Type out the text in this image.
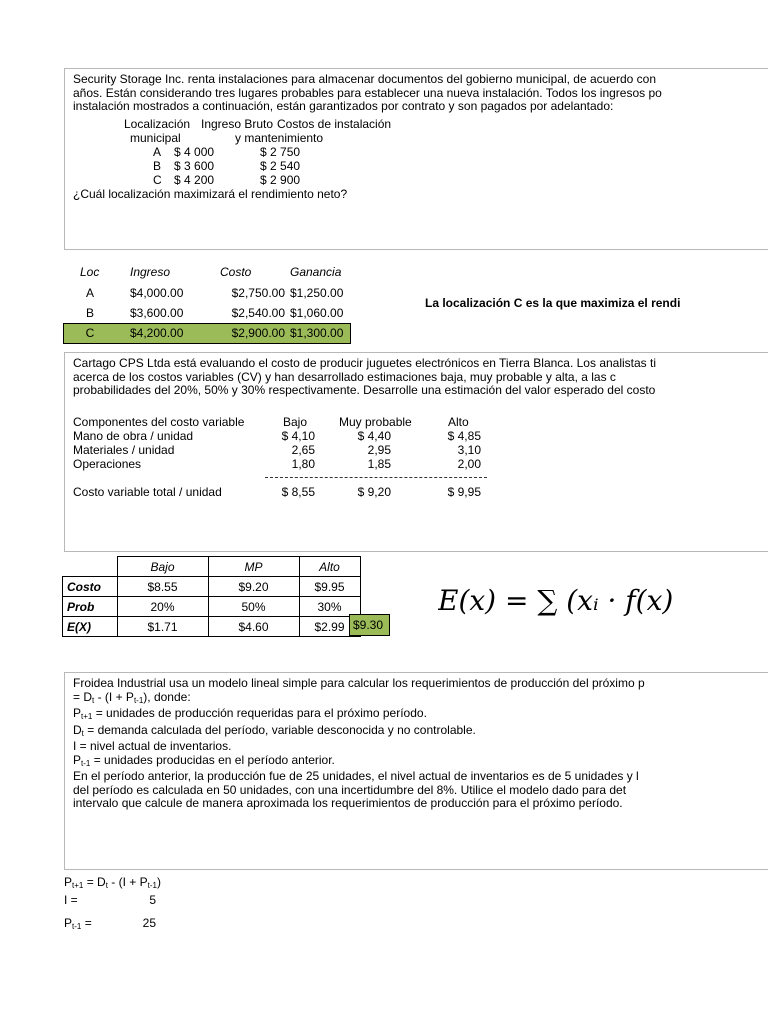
Security Storage Inc. renta instalaciones para almacenar documentos del gobierno municipal, de acuerdo con
años. Están considerando tres lugares probables para establecer una nueva instalación. Todos los ingresos po
instalación mostrados a continuación, están garantizados por contrato y son pagados por adelantado:
Localización Ingreso Bruto Costos de instalación
municipal	y mantenimiento
A $ 4 000	$ 2 750
B $ 3 600	$ 2 540
C $ 4 200	$ 2 900
¿Cuál localización maximizará el rendimiento neto?
Loc	Ingreso	Costo	Ganancia
A	$4,000.00	$2,750.00 $1,250.00
B	$3,600.00	$2,540.00 $1,060.00
C	$4,200.00	$2,900.00 $1,300.00
La localización C es la que maximiza el rendi
Cartago CPS Ltda está evaluando el costo de producir juguetes electrónicos en Tierra Blanca. Los analistas ti
acerca de los costos variables (CV) y han desarrollado estimaciones baja, muy probable y alta, a las c
probabilidades del 20%, 50% y 30% respectivamente. Desarrolle una estimación del valor esperado del costo
Componentes del costo variable	Bajo	Muy probable	Alto
Mano de obra / unidad	$ 4,10	$ 4,40	$ 4,85
Materiales / unidad	2,65	2,95	3,10
Operaciones	1,80	1,85	2,00
Costo variable total / unidad	$ 8,55	$ 9,20	$ 9,95
	Bajo	MP	Alto
Costo	$8.55	$9.20	$9.95
Prob	20%	50%	30%
E(X)	$1.71	$4.60	$2.99 $9.30
E(x) = ∑ (xᵢ · f(x)
Froidea Industrial usa un modelo lineal simple para calcular los requerimientos de producción del próximo p
= $D_t - (I + P_{t-1})$, donde:
$P_{t+1}$ = unidades de producción requeridas para el próximo período.
$D_t$ = demanda calculada del período, variable desconocida y no controlable.
I = nivel actual de inventarios.
$P_{t-1}$ = unidades producidas en el período anterior.
En el período anterior, la producción fue de 25 unidades, el nivel actual de inventarios es de 5 unidades y l
del período es calculada en 50 unidades, con una incertidumbre del 8%. Utilice el modelo dado para det
intervalo que calcule de manera aproximada los requerimientos de producción para el próximo período.
$P_{t+1} = D_t - (I + P_{t-1})$
I =	5
$P_{t-1}$ =	25
